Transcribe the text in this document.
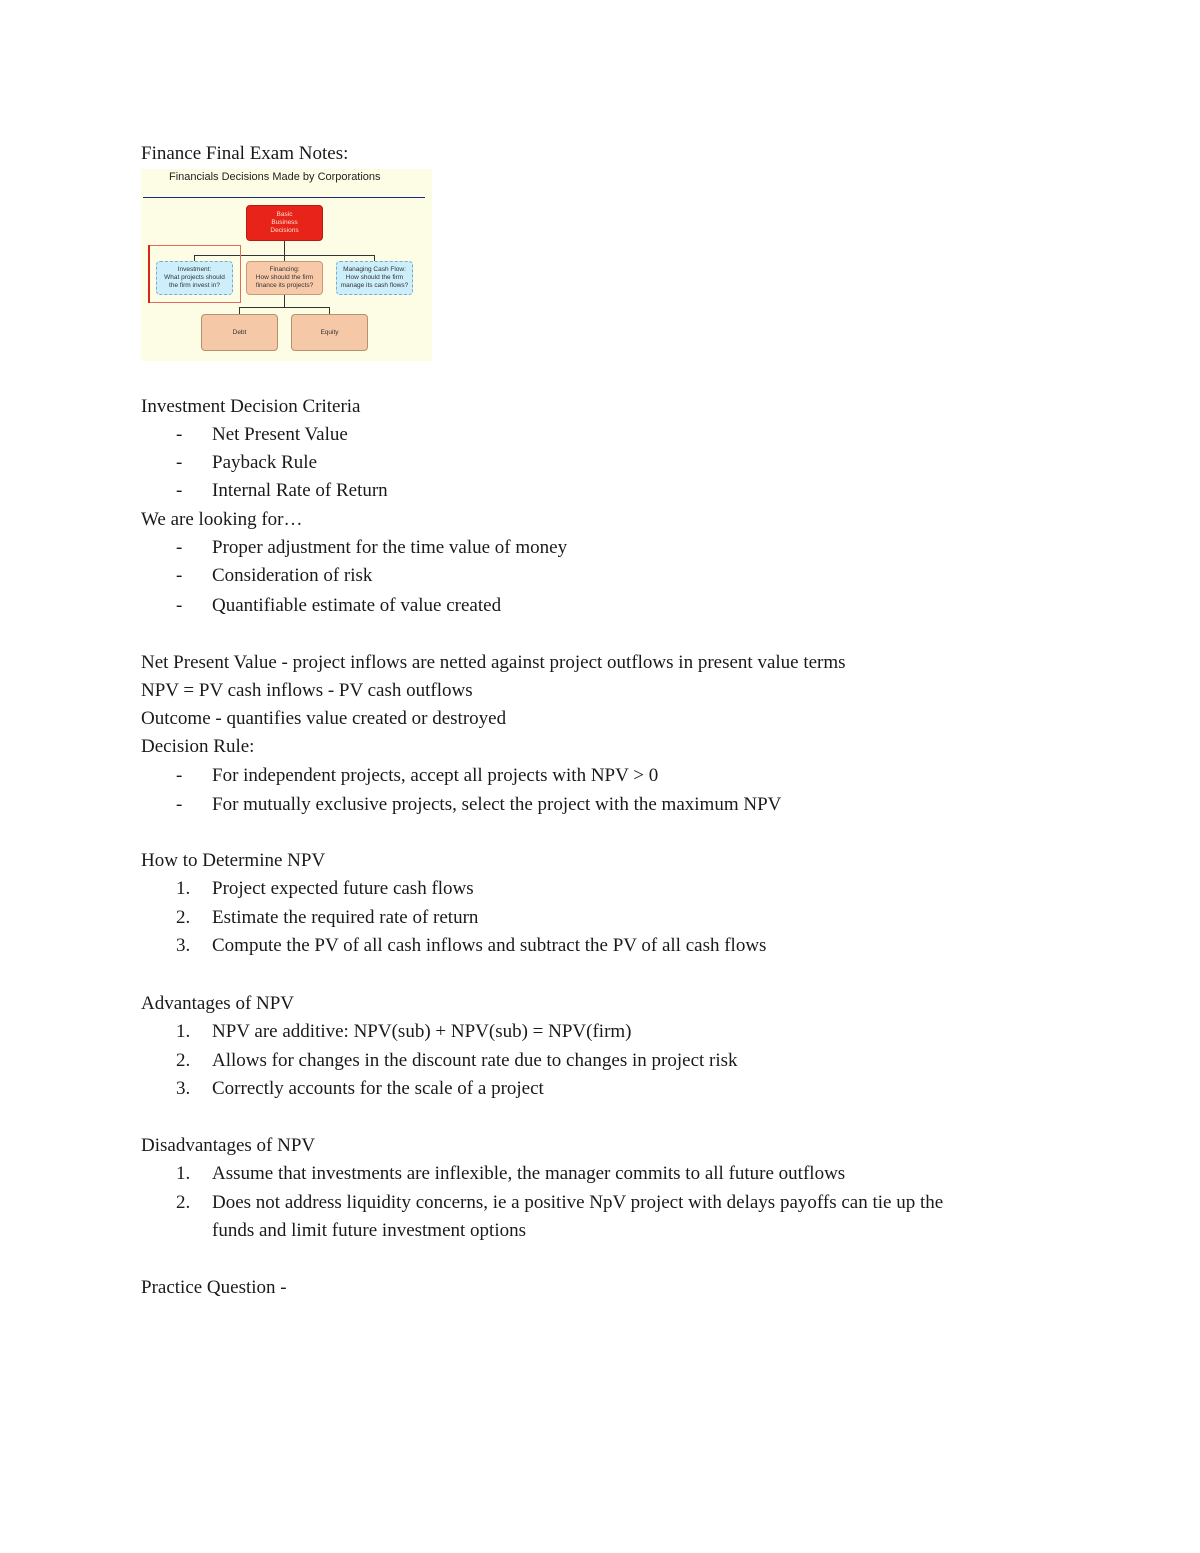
Finance Final Exam Notes:
Financials Decisions Made by Corporations
Basic
Business
Decisions
Investment:
What projects should
the firm invest in?
Financing:
How should the firm
finance its projects?
Managing Cash Flow:
How should the firm
manage its cash flows?
Debt	Equity
Investment Decision Criteria
- Net Present Value
- Payback Rule
- Internal Rate of Return
We are looking for…
- Proper adjustment for the time value of money
- Consideration of risk
- Quantifiable estimate of value created
Net Present Value - project inflows are netted against project outflows in present value terms
NPV = PV cash inflows - PV cash outflows
Outcome - quantifies value created or destroyed
Decision Rule:
- For independent projects, accept all projects with NPV > 0
- For mutually exclusive projects, select the project with the maximum NPV
How to Determine NPV
1. Project expected future cash flows
2. Estimate the required rate of return
3. Compute the PV of all cash inflows and subtract the PV of all cash flows
Advantages of NPV
1. NPV are additive: NPV(sub) + NPV(sub) = NPV(firm)
2. Allows for changes in the discount rate due to changes in project risk
3. Correctly accounts for the scale of a project
Disadvantages of NPV
1. Assume that investments are inflexible, the manager commits to all future outflows
2. Does not address liquidity concerns, ie a positive NpV project with delays payoffs can tie up the
funds and limit future investment options
Practice Question -
